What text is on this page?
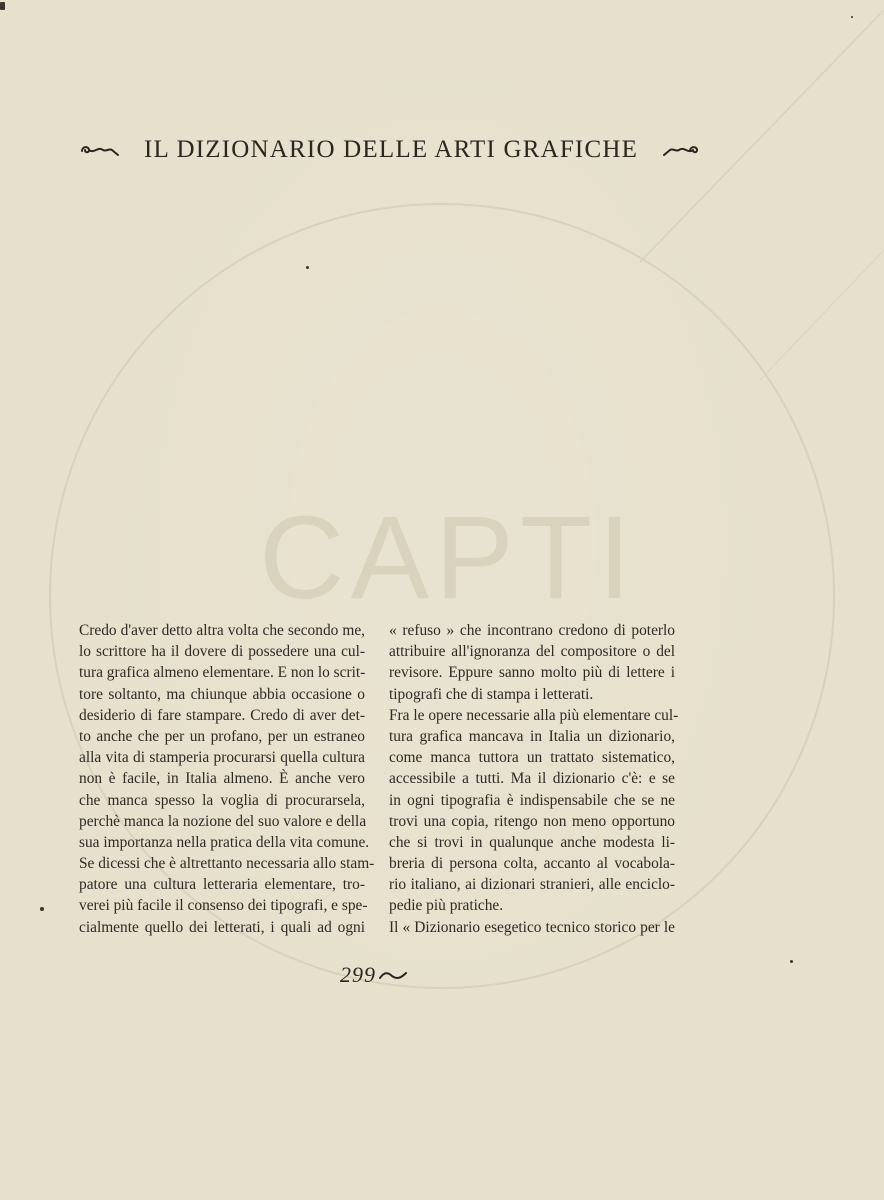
CAPTI
IL DIZIONARIO DELLE ARTI GRAFICHE
Credo d'aver detto altra volta che secondo me,
lo scrittore ha il dovere di possedere una cul-
tura grafica almeno elementare. E non lo scrit-
tore soltanto, ma chiunque abbia occasione o
desiderio di fare stampare. Credo di aver det-
to anche che per un profano, per un estraneo
alla vita di stamperia procurarsi quella cultura
non è facile, in Italia almeno. È anche vero
che manca spesso la voglia di procurarsela,
perchè manca la nozione del suo valore e della
sua importanza nella pratica della vita comune.
Se dicessi che è altrettanto necessaria allo stam-
patore una cultura letteraria elementare, tro-
verei più facile il consenso dei tipografi, e spe-
cialmente quello dei letterati, i quali ad ogni
« refuso » che incontrano credono di poterlo
attribuire all'ignoranza del compositore o del
revisore. Eppure sanno molto più di lettere i
tipografi che di stampa i letterati.
Fra le opere necessarie alla più elementare cul-
tura grafica mancava in Italia un dizionario,
come manca tuttora un trattato sistematico,
accessibile a tutti. Ma il dizionario c'è: e se
in ogni tipografia è indispensabile che se ne
trovi una copia, ritengo non meno opportuno
che si trovi in qualunque anche modesta li-
breria di persona colta, accanto al vocabola-
rio italiano, ai dizionari stranieri, alle enciclo-
pedie più pratiche.
Il « Dizionario esegetico tecnico storico per le
299
